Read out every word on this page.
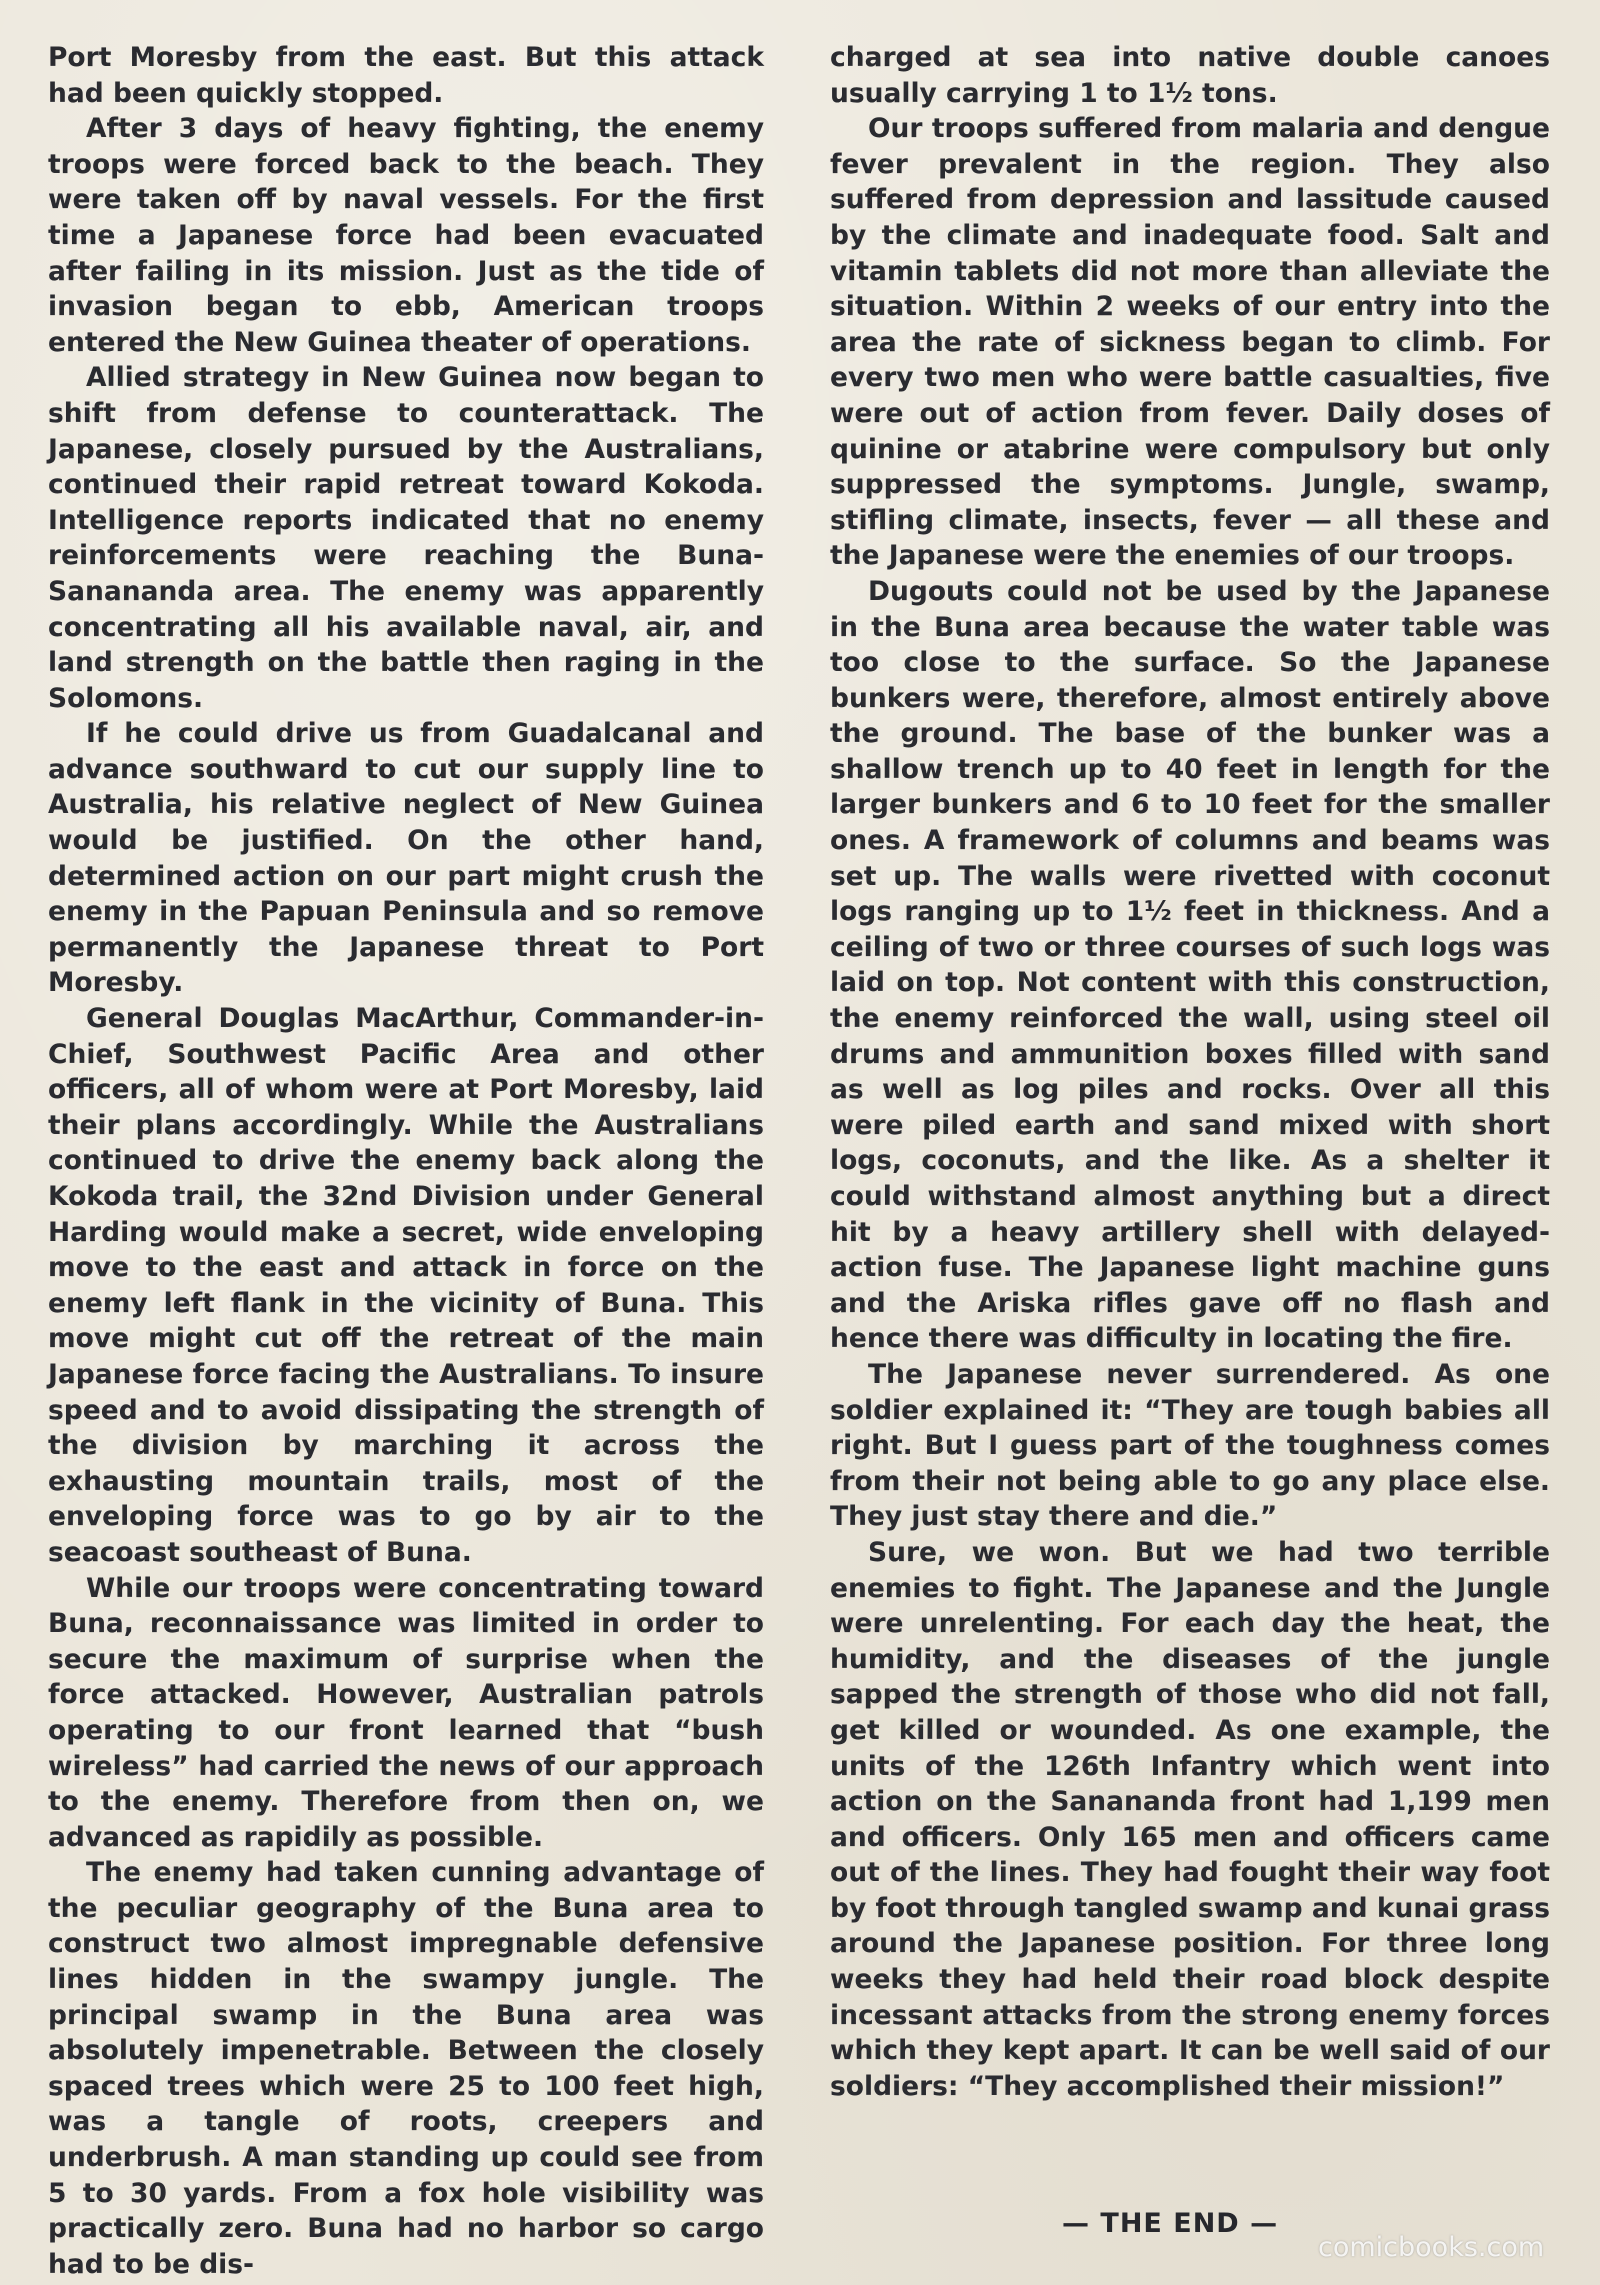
Port Moresby from the east. But this attack had been quickly stopped.

After 3 days of heavy fighting, the enemy troops were forced back to the beach. They were taken off by naval vessels. For the first time a Japanese force had been evacuated after failing in its mission. Just as the tide of invasion began to ebb, American troops entered the New Guinea theater of operations.

Allied strategy in New Guinea now began to shift from defense to counterattack. The Japanese, closely pursued by the Australians, continued their rapid retreat toward Kokoda. Intelligence reports indicated that no enemy reinforcements were reaching the Buna-Sanananda area. The enemy was apparently concentrating all his available naval, air, and land strength on the battle then raging in the Solomons.

If he could drive us from Guadalcanal and advance southward to cut our supply line to Australia, his relative neglect of New Guinea would be justified. On the other hand, determined action on our part might crush the enemy in the Papuan Peninsula and so remove permanently the Japanese threat to Port Moresby.

General Douglas MacArthur, Commander-in-Chief, Southwest Pacific Area and other officers, all of whom were at Port Moresby, laid their plans accordingly. While the Australians continued to drive the enemy back along the Kokoda trail, the 32nd Division under General Harding would make a secret, wide enveloping move to the east and attack in force on the enemy left flank in the vicinity of Buna. This move might cut off the retreat of the main Japanese force facing the Australians. To insure speed and to avoid dissipating the strength of the division by marching it across the exhausting mountain trails, most of the enveloping force was to go by air to the seacoast southeast of Buna.

While our troops were concentrating toward Buna, reconnaissance was limited in order to secure the maximum of surprise when the force attacked. However, Australian patrols operating to our front learned that “bush wireless” had carried the news of our approach to the enemy. Therefore from then on, we advanced as rapidily as possible.

The enemy had taken cunning advantage of the peculiar geography of the Buna area to construct two almost impregnable defensive lines hidden in the swampy jungle. The principal swamp in the Buna area was absolutely impenetrable. Between the closely spaced trees which were 25 to 100 feet high, was a tangle of roots, creepers and underbrush. A man standing up could see from 5 to 30 yards. From a fox hole visibility was practically zero. Buna had no harbor so cargo had to be dis-

charged at sea into native double canoes usually carrying 1 to 1½ tons.

Our troops suffered from malaria and dengue fever prevalent in the region. They also suffered from depression and lassitude caused by the climate and inadequate food. Salt and vitamin tablets did not more than alleviate the situation. Within 2 weeks of our entry into the area the rate of sickness began to climb. For every two men who were battle casualties, five were out of action from fever. Daily doses of quinine or atabrine were compulsory but only suppressed the symptoms. Jungle, swamp, stifling climate, insects, fever — all these and the Japanese were the enemies of our troops.

Dugouts could not be used by the Japanese in the Buna area because the water table was too close to the surface. So the Japanese bunkers were, therefore, almost entirely above the ground. The base of the bunker was a shallow trench up to 40 feet in length for the larger bunkers and 6 to 10 feet for the smaller ones. A framework of columns and beams was set up. The walls were rivetted with coconut logs ranging up to 1½ feet in thickness. And a ceiling of two or three courses of such logs was laid on top. Not content with this construction, the enemy reinforced the wall, using steel oil drums and ammunition boxes filled with sand as well as log piles and rocks. Over all this were piled earth and sand mixed with short logs, coconuts, and the like. As a shelter it could withstand almost anything but a direct hit by a heavy artillery shell with delayed-action fuse. The Japanese light machine guns and the Ariska rifles gave off no flash and hence there was difficulty in locating the fire.

The Japanese never surrendered. As one soldier explained it: “They are tough babies all right. But I guess part of the toughness comes from their not being able to go any place else. They just stay there and die.”

Sure, we won. But we had two terrible enemies to fight. The Japanese and the Jungle were unrelenting. For each day the heat, the humidity, and the diseases of the jungle sapped the strength of those who did not fall, get killed or wounded. As one example, the units of the 126th Infantry which went into action on the Sanananda front had 1,199 men and officers. Only 165 men and officers came out of the lines. They had fought their way foot by foot through tangled swamp and kunai grass around the Japanese position. For three long weeks they had held their road block despite incessant attacks from the strong enemy forces which they kept apart. It can be well said of our soldiers: “They accomplished their mission!”

— THE END —
comicbooks.com
